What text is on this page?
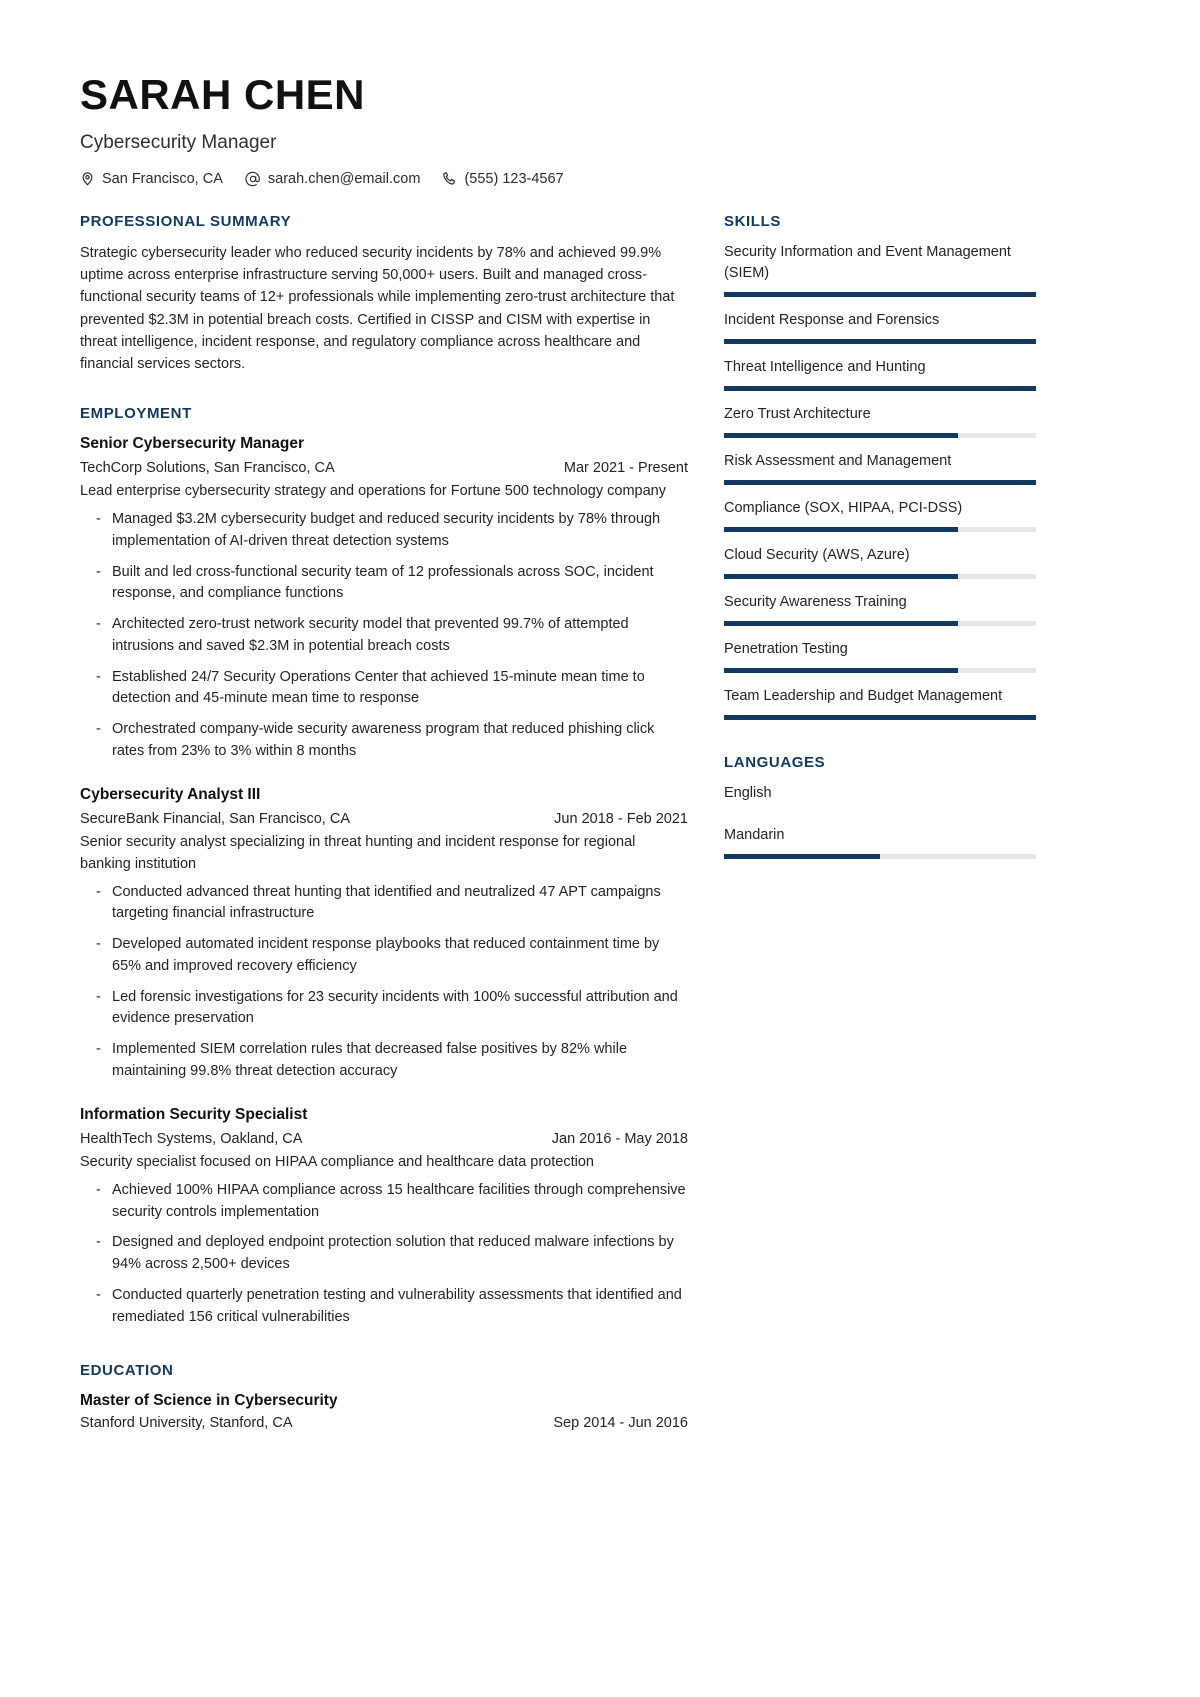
SARAH CHEN
Cybersecurity Manager
San Francisco, CA	sarah.chen@email.com	(555) 123-4567
PROFESSIONAL SUMMARY

Strategic cybersecurity leader who reduced security incidents by 78% and achieved 99.9% uptime across enterprise infrastructure serving 50,000+ users. Built and managed cross-functional security teams of 12+ professionals while implementing zero-trust architecture that prevented $2.3M in potential breach costs. Certified in CISSP and CISM with expertise in threat intelligence, incident response, and regulatory compliance across healthcare and financial services sectors.

EMPLOYMENT
Senior Cybersecurity Manager
TechCorp Solutions, San Francisco, CA	Mar 2021 - Present

Lead enterprise cybersecurity strategy and operations for Fortune 500 technology company

- Managed $3.2M cybersecurity budget and reduced security incidents by 78% through implementation of AI-driven threat detection systems
- Built and led cross-functional security team of 12 professionals across SOC, incident response, and compliance functions
- Architected zero-trust network security model that prevented 99.7% of attempted intrusions and saved $2.3M in potential breach costs
- Established 24/7 Security Operations Center that achieved 15-minute mean time to detection and 45-minute mean time to response
- Orchestrated company-wide security awareness program that reduced phishing click rates from 23% to 3% within 8 months
Cybersecurity Analyst III
SecureBank Financial, San Francisco, CA	Jun 2018 - Feb 2021

Senior security analyst specializing in threat hunting and incident response for regional banking institution

- Conducted advanced threat hunting that identified and neutralized 47 APT campaigns targeting financial infrastructure
- Developed automated incident response playbooks that reduced containment time by 65% and improved recovery efficiency
- Led forensic investigations for 23 security incidents with 100% successful attribution and evidence preservation
- Implemented SIEM correlation rules that decreased false positives by 82% while maintaining 99.8% threat detection accuracy
Information Security Specialist
HealthTech Systems, Oakland, CA	Jan 2016 - May 2018

Security specialist focused on HIPAA compliance and healthcare data protection

- Achieved 100% HIPAA compliance across 15 healthcare facilities through comprehensive security controls implementation
- Designed and deployed endpoint protection solution that reduced malware infections by 94% across 2,500+ devices
- Conducted quarterly penetration testing and vulnerability assessments that identified and remediated 156 critical vulnerabilities
EDUCATION
Master of Science in Cybersecurity
Stanford University, Stanford, CA	Sep 2014 - Jun 2016
SKILLS
Security Information and Event Management (SIEM)
Incident Response and Forensics
Threat Intelligence and Hunting
Zero Trust Architecture
Risk Assessment and Management
Compliance (SOX, HIPAA, PCI-DSS)
Cloud Security (AWS, Azure)
Security Awareness Training
Penetration Testing
Team Leadership and Budget Management
LANGUAGES
English
Mandarin
